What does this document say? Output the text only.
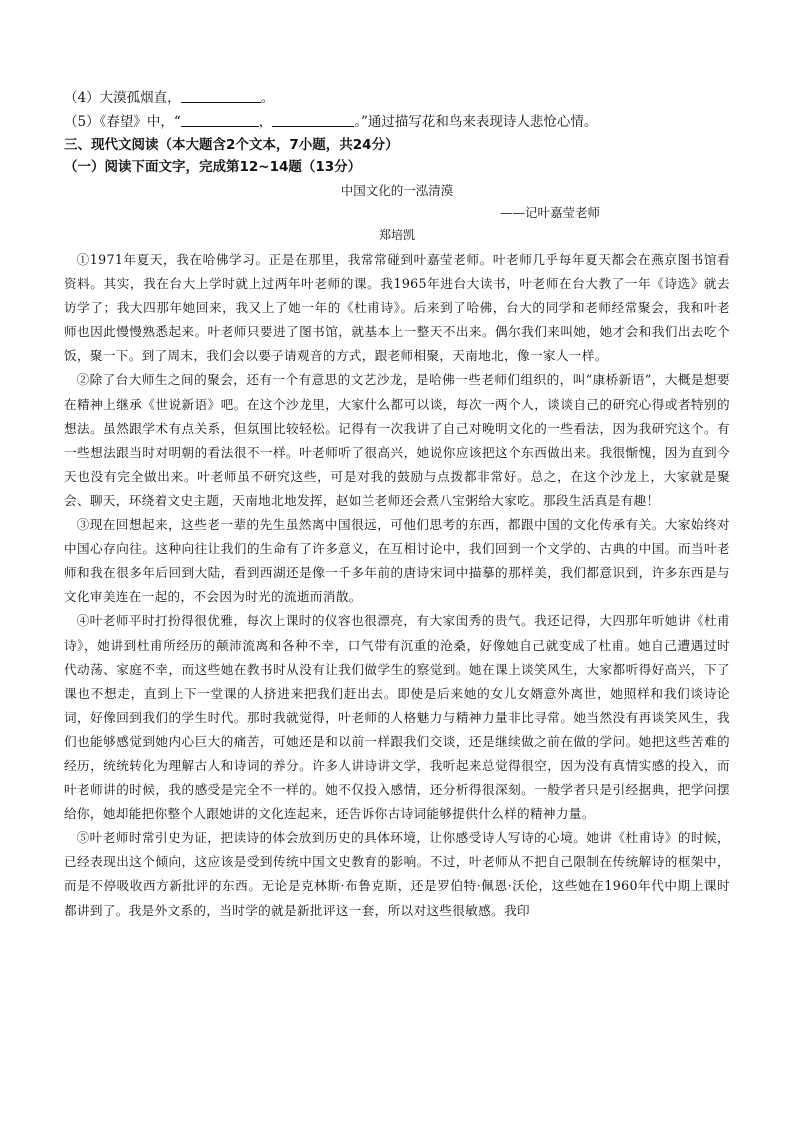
（4）大漠孤烟直，	。
（5）《春望》中，“	，	。”通过描写花和鸟来表现诗人悲怆心情。
三、现代文阅读（本大题含2个文本，7小题，共24分）
（一）阅读下面文字，完成第12~14题（13分）
中国文化的一泓清漠
——记叶嘉莹老师
郑培凯

①1971年夏天，我在哈佛学习。正是在那里，我常常碰到叶嘉莹老师。叶老师几乎每年夏天都会在燕京图书馆看资料。其实，我在台大上学时就上过两年叶老师的课。我1965年进台大读书，叶老师在台大教了一年《诗选》就去访学了；我大四那年她回来，我又上了她一年的《杜甫诗》。后来到了哈佛，台大的同学和老师经常聚会，我和叶老师也因此慢慢熟悉起来。叶老师只要进了图书馆，就基本上一整天不出来。偶尔我们来叫她，她才会和我们出去吃个饭，聚一下。到了周末，我们会以要子请观音的方式，跟老师相聚，天南地北，像一家人一样。

②除了台大师生之间的聚会，还有一个有意思的文艺沙龙，是哈佛一些老师们组织的，叫“康桥新语”，大概是想要在精神上继承《世说新语》吧。在这个沙龙里，大家什么都可以谈，每次一两个人，谈谈自己的研究心得或者特别的想法。虽然跟学术有点关系，但氛围比较轻松。记得有一次我讲了自己对晚明文化的一些看法，因为我研究这个。有一些想法跟当时对明朝的看法很不一样。叶老师听了很高兴，她说你应该把这个东西做出来。我很惭愧，因为直到今天也没有完全做出来。叶老师虽不研究这些，可是对我的鼓励与点拨都非常好。总之，在这个沙龙上，大家就是聚会、聊天，环绕着文史主题，天南地北地发挥，赵如兰老师还会煮八宝粥给大家吃。那段生活真是有趣！

③现在回想起来，这些老一辈的先生虽然离中国很远，可他们思考的东西，都跟中国的文化传承有关。大家始终对中国心存向往。这种向往让我们的生命有了许多意义，在互相讨论中，我们回到一个文学的、古典的中国。而当叶老师和我在很多年后回到大陆，看到西湖还是像一千多年前的唐诗宋词中描摹的那样美，我们都意识到，许多东西是与文化审美连在一起的，不会因为时光的流逝而消散。

④叶老师平时打扮得很优雅，每次上课时的仪容也很漂亮，有大家闺秀的贵气。我还记得，大四那年听她讲《杜甫诗》，她讲到杜甫所经历的颠沛流离和各种不幸，口气带有沉重的沧桑，好像她自己就变成了杜甫。她自己遭遇过时代动荡、家庭不幸，而这些她在教书时从没有让我们做学生的察觉到。她在课上谈笑风生，大家都听得好高兴，下了课也不想走，直到上下一堂课的人挤进来把我们赶出去。即使是后来她的女儿女婿意外离世，她照样和我们谈诗论词，好像回到我们的学生时代。那时我就觉得，叶老师的人格魅力与精神力量非比寻常。她当然没有再谈笑风生，我们也能够感觉到她内心巨大的痛苦，可她还是和以前一样跟我们交谈，还是继续做之前在做的学问。她把这些苦难的经历，统统转化为理解古人和诗词的养分。许多人讲诗讲文学，我听起来总觉得很空，因为没有真情实感的投入，而叶老师讲的时候，我的感受是完全不一样的。她不仅投入感情，还分析得很深刻。一般学者只是引经据典，把学问摆给你，她却能把你整个人跟她讲的文化连起来，还告诉你古诗词能够提供什么样的精神力量。

⑤叶老师时常引史为证，把读诗的体会放到历史的具体环境，让你感受诗人写诗的心境。她讲《杜甫诗》的时候，已经表现出这个倾向，这应该是受到传统中国文史教育的影响。不过，叶老师从不把自己限制在传统解诗的框架中，而是不停吸收西方新批评的东西。无论是克林斯·布鲁克斯，还是罗伯特·佩恩·沃伦，这些她在1960年代中期上课时都讲到了。我是外文系的，当时学的就是新批评这一套，所以对这些很敏感。我印
